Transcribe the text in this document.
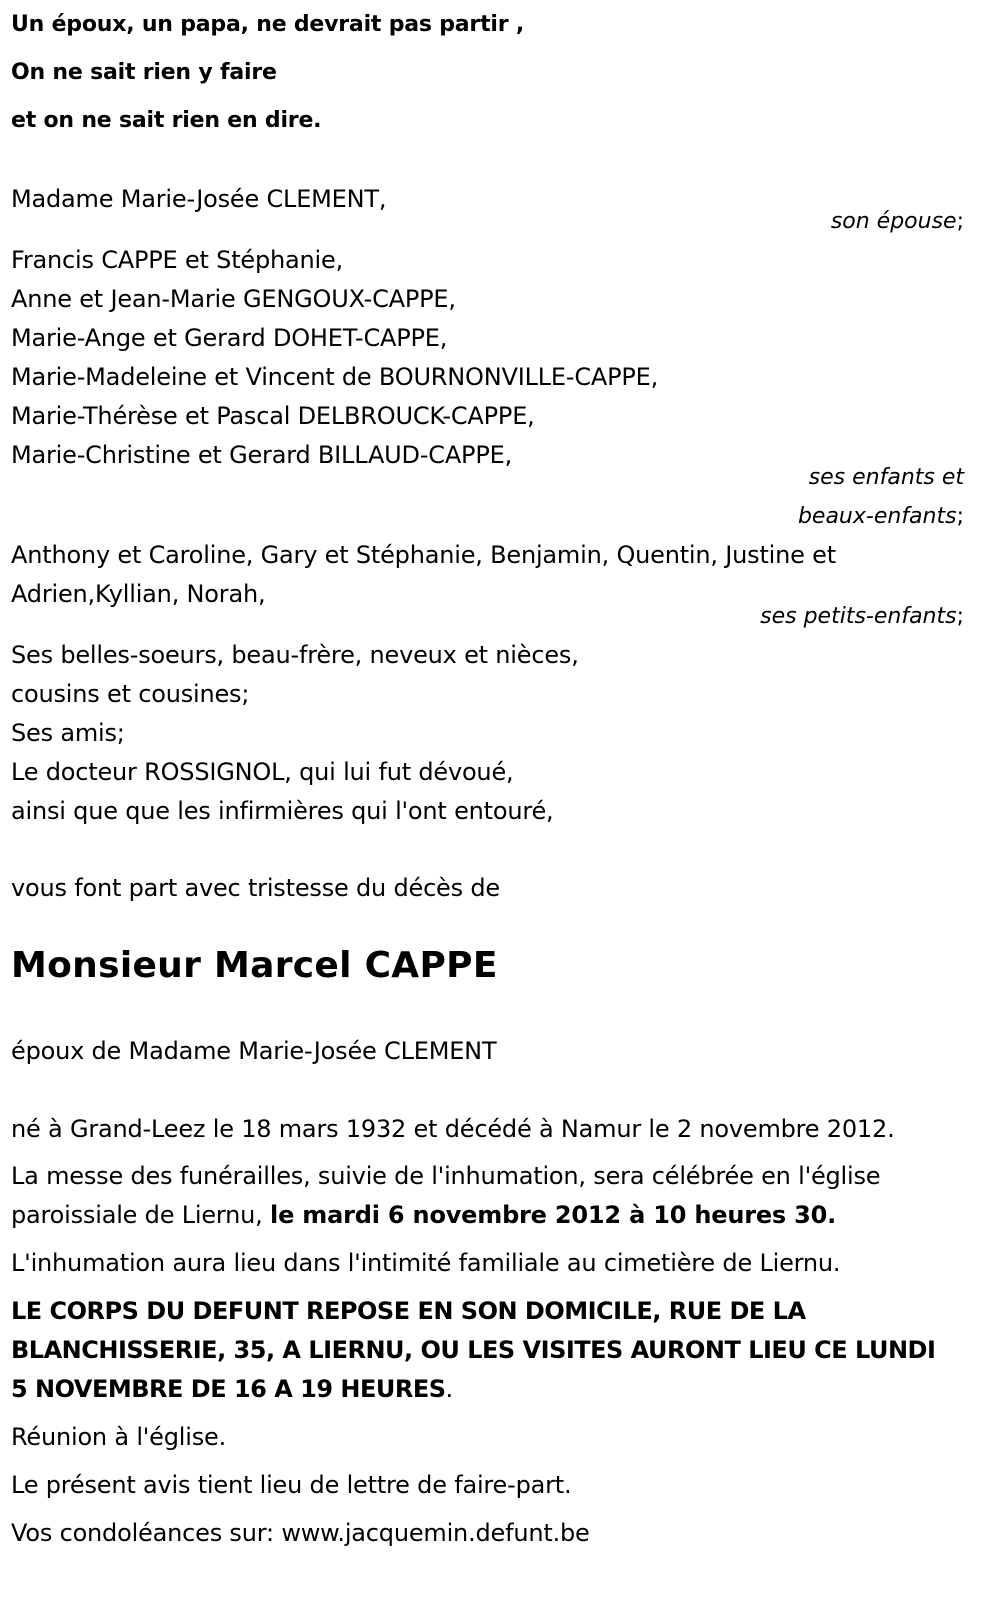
Un époux, un papa, ne devrait pas partir ,
On ne sait rien y faire
et on ne sait rien en dire.
Madame Marie-Josée CLEMENT,
son épouse;
Francis CAPPE et Stéphanie,
Anne et Jean-Marie GENGOUX-CAPPE,
Marie-Ange et Gerard DOHET-CAPPE,
Marie-Madeleine et Vincent de BOURNONVILLE-CAPPE,
Marie-Thérèse et Pascal DELBROUCK-CAPPE,
Marie-Christine et Gerard BILLAUD-CAPPE,
ses enfants et
beaux-enfants;
Anthony et Caroline, Gary et Stéphanie, Benjamin, Quentin, Justine et
Adrien,Kyllian, Norah,
ses petits-enfants;
Ses belles-soeurs, beau-frère, neveux et nièces,
cousins et cousines;
Ses amis;
Le docteur ROSSIGNOL, qui lui fut dévoué,
ainsi que que les infirmières qui l'ont entouré,
vous font part avec tristesse du décès de
Monsieur Marcel CAPPE
époux de Madame Marie-Josée CLEMENT
né à Grand-Leez le 18 mars 1932 et décédé à Namur le 2 novembre 2012.
La messe des funérailles, suivie de l'inhumation, sera célébrée en l'église
paroissiale de Liernu, le mardi 6 novembre 2012 à 10 heures 30.
L'inhumation aura lieu dans l'intimité familiale au cimetière de Liernu.
LE CORPS DU DEFUNT REPOSE EN SON DOMICILE, RUE DE LA
BLANCHISSERIE, 35, A LIERNU, OU LES VISITES AURONT LIEU CE LUNDI
5 NOVEMBRE DE 16 A 19 HEURES.
Réunion à l'église.
Le présent avis tient lieu de lettre de faire-part.
Vos condoléances sur: www.jacquemin.defunt.be
